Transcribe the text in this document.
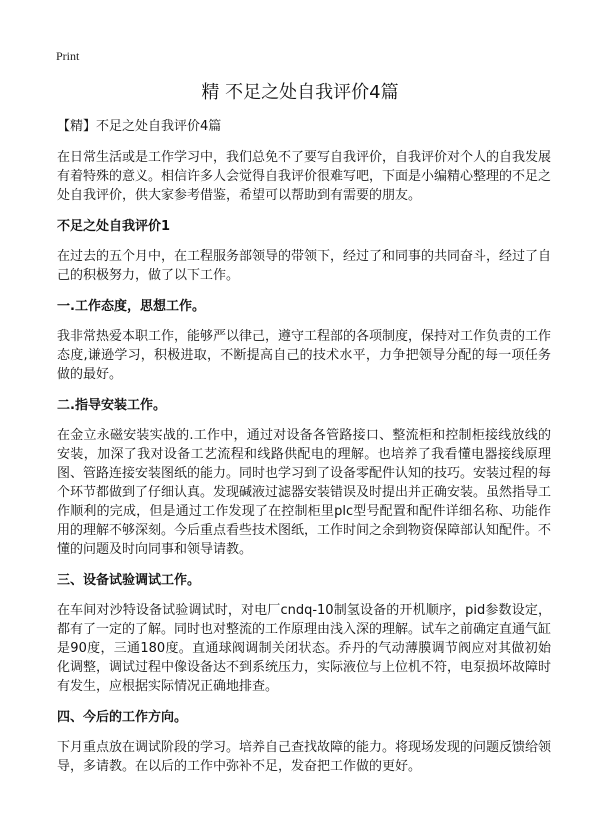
Print
精 不足之处自我评价4篇

【精】不足之处自我评价4篇

在日常生活或是工作学习中，我们总免不了要写自我评价，自我评价对个人的自我发展有着特殊的意义。相信许多人会觉得自我评价很难写吧，下面是小编精心整理的不足之处自我评价，供大家参考借鉴，希望可以帮助到有需要的朋友。

不足之处自我评价1

在过去的五个月中，在工程服务部领导的带领下，经过了和同事的共同奋斗，经过了自己的积极努力，做了以下工作。

一.工作态度，思想工作。

我非常热爱本职工作，能够严以律己，遵守工程部的各项制度，保持对工作负责的工作态度,谦逊学习，积极进取，不断提高自己的技术水平，力争把领导分配的每一项任务做的最好。

二.指导安装工作。

在金立永磁安装实战的.工作中，通过对设备各管路接口、整流柜和控制柜接线放线的安装，加深了我对设备工艺流程和线路供配电的理解。也培养了我看懂电器接线原理图、管路连接安装图纸的能力。同时也学习到了设备零配件认知的技巧。安装过程的每个环节都做到了仔细认真。发现碱液过滤器安装错误及时提出并正确安装。虽然指导工作顺利的完成，但是通过工作发现了在控制柜里plc型号配置和配件详细名称、功能作用的理解不够深刻。今后重点看些技术图纸，工作时间之余到物资保障部认知配件。不懂的问题及时向同事和领导请教。

三、设备试验调试工作。

在车间对沙特设备试验调试时，对电厂cndq-10制氢设备的开机顺序，pid参数设定，都有了一定的了解。同时也对整流的工作原理由浅入深的理解。试车之前确定直通气缸是90度，三通180度。直通球阀调制关闭状态。乔丹的气动薄膜调节阀应对其做初始化调整，调试过程中像设备达不到系统压力，实际液位与上位机不符，电泵损坏故障时有发生，应根据实际情况正确地排查。

四、今后的工作方向。

下月重点放在调试阶段的学习。培养自己查找故障的能力。将现场发现的问题反馈给领导，多请教。在以后的工作中弥补不足，发奋把工作做的更好。
